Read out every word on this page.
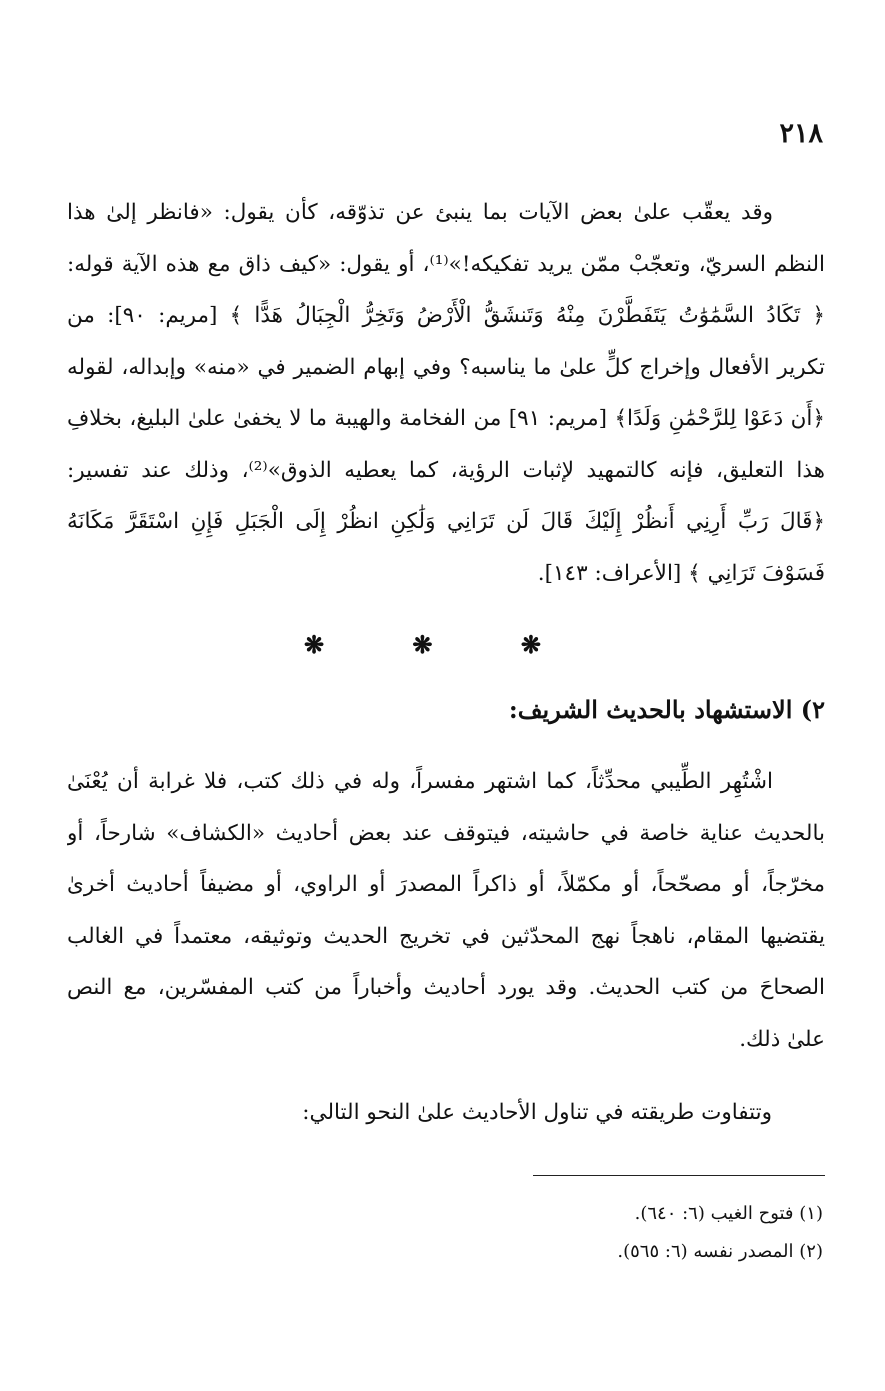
٢١٨
وقد يعقّب علىٰ بعض الآيات بما ينبئ عن تذوّقه، كأن يقول: «فانظر إلىٰ هذا
النظم السريّ، وتعجّبْ ممّن يريد تفكيكه!»⁽¹⁾، أو يقول: «كيف ذاق مع هذه الآية قوله:
﴿ تَكَادُ السَّمَٰوَٰتُ يَتَفَطَّرْنَ مِنْهُ وَتَنشَقُّ الْأَرْضُ وَتَخِرُّ الْجِبَالُ هَدًّا ﴾ [مريم: ٩٠]: من
تكرير الأفعال وإخراج كلٍّ علىٰ ما يناسبه؟ وفي إبهام الضمير في «منه» وإبداله، لقوله
﴿أَن دَعَوْا لِلرَّحْمَٰنِ وَلَدًا﴾ [مريم: ٩١] من الفخامة والهيبة ما لا يخفىٰ علىٰ البليغ، بخلافِ
هذا التعليق، فإنه كالتمهيد لإثبات الرؤية، كما يعطيه الذوق»⁽²⁾، وذلك عند تفسير:
﴿قَالَ رَبِّ أَرِنِي أَنظُرْ إِلَيْكَ قَالَ لَن تَرَانِي وَلَٰكِنِ انظُرْ إِلَى الْجَبَلِ فَإِنِ اسْتَقَرَّ مَكَانَهُ
فَسَوْفَ تَرَانِي ﴾ [الأعراف: ١٤٣].
❋ ❋ ❋
٢) الاستشهاد بالحديث الشريف:
اشْتُهِر الطِّيبي محدِّثاً، كما اشتهر مفسراً، وله في ذلك كتب، فلا غرابة أن يُعْنَىٰ
بالحديث عناية خاصة في حاشيته، فيتوقف عند بعض أحاديث «الكشاف» شارحاً، أو
مخرّجاً، أو مصحّحاً، أو مكمّلاً، أو ذاكراً المصدرَ أو الراوي، أو مضيفاً أحاديث أخرىٰ
يقتضيها المقام، ناهجاً نهج المحدّثين في تخريج الحديث وتوثيقه، معتمداً في الغالب
الصحاحَ من كتب الحديث. وقد يورد أحاديث وأخباراً من كتب المفسّرين، مع النص
علىٰ ذلك.
وتتفاوت طريقته في تناول الأحاديث علىٰ النحو التالي:
(١) فتوح الغيب (٦: ٦٤٠).
(٢) المصدر نفسه (٦: ٥٦٥).
